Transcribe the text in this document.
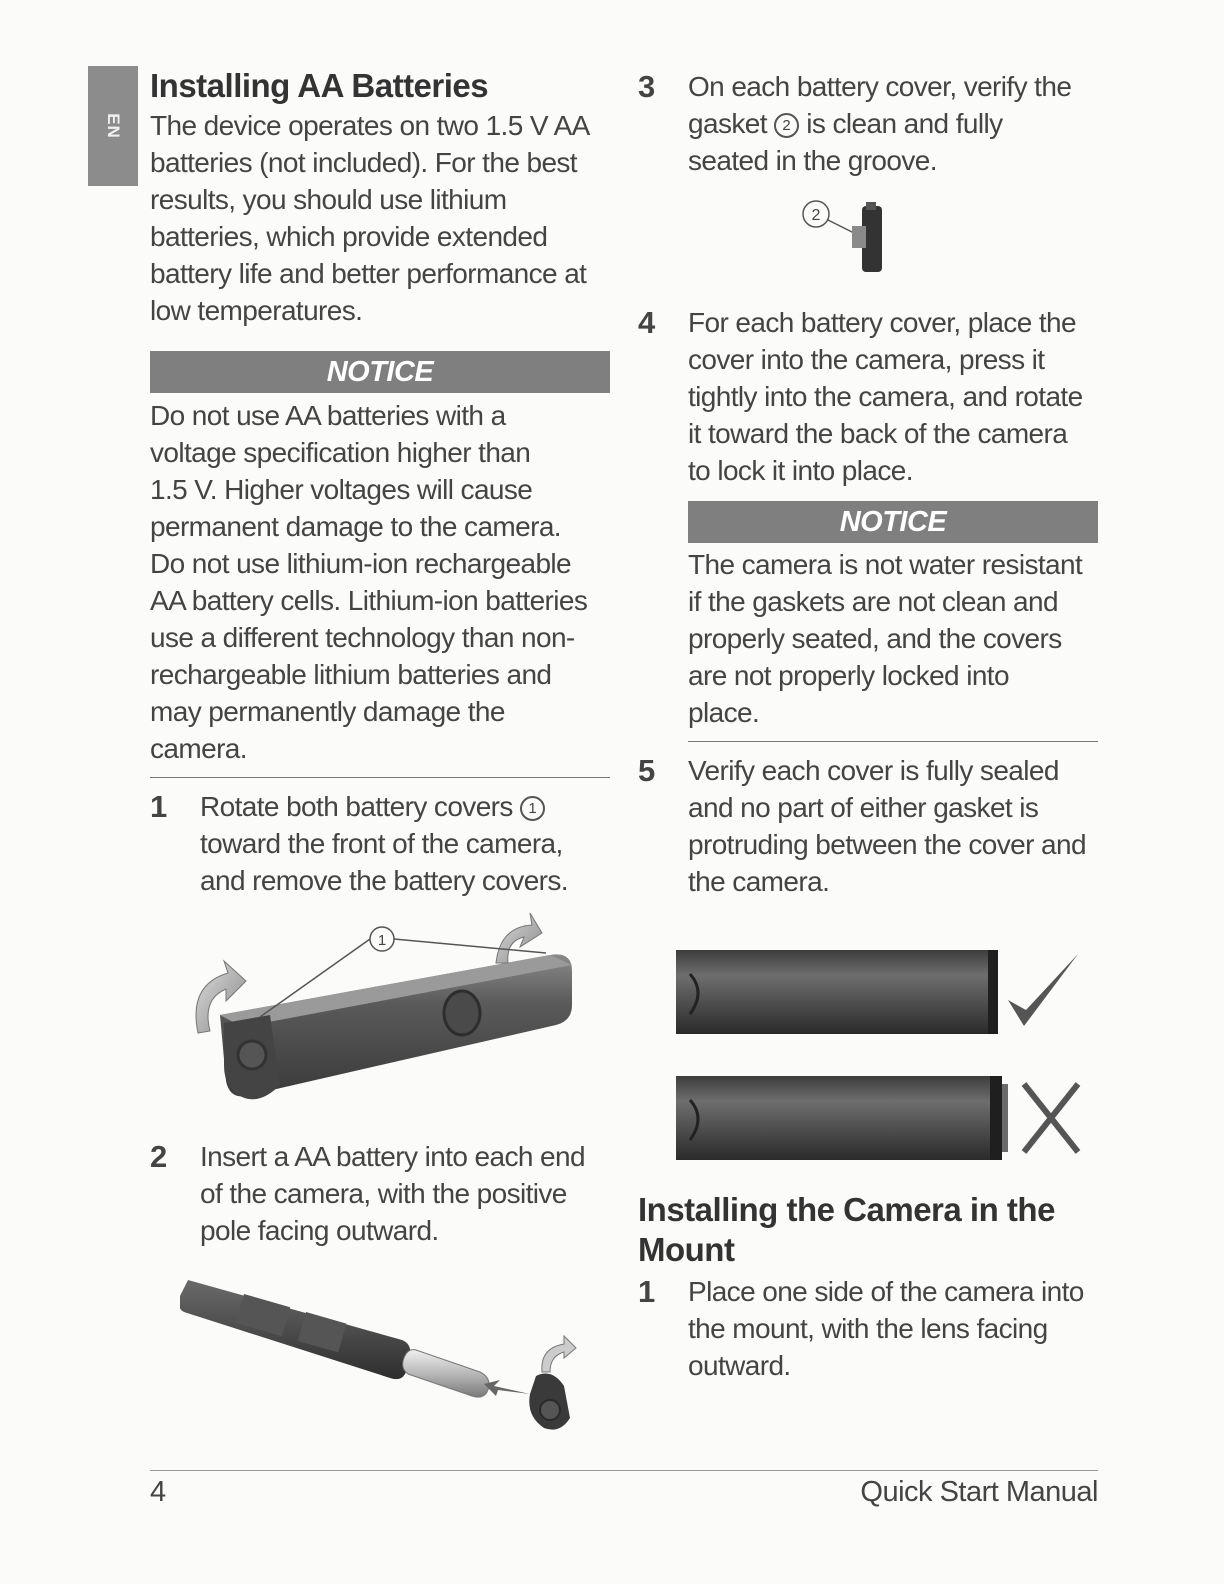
EN
Installing AA Batteries

The device operates on two 1.5 V AA
batteries (not included). For the best
results, you should use lithium
batteries, which provide extended
battery life and better performance at
low temperatures.

NOTICE

Do not use AA batteries with a
voltage specification higher than
1.5 V. Higher voltages will cause
permanent damage to the camera.
Do not use lithium-ion rechargeable
AA battery cells. Lithium-ion batteries
use a different technology than non-
rechargeable lithium batteries and
may permanently damage the
camera.

1	Rotate both battery covers 1
toward the front of the camera,
and remove the battery covers.
1
2	Insert a AA battery into each end
of the camera, with the positive
pole facing outward.
3	On each battery cover, verify the
gasket 2 is clean and fully
seated in the groove.
2
4	For each battery cover, place the
cover into the camera, press it
tightly into the camera, and rotate
it toward the back of the camera
to lock it into place.
NOTICE

The camera is not water resistant
if the gaskets are not clean and
properly seated, and the covers
are not properly locked into
place.

5	Verify each cover is fully sealed
and no part of either gasket is
protruding between the cover and
the camera.
Installing the Camera in the
Mount
1	Place one side of the camera into
the mount, with the lens facing
outward.
4	Quick Start Manual
